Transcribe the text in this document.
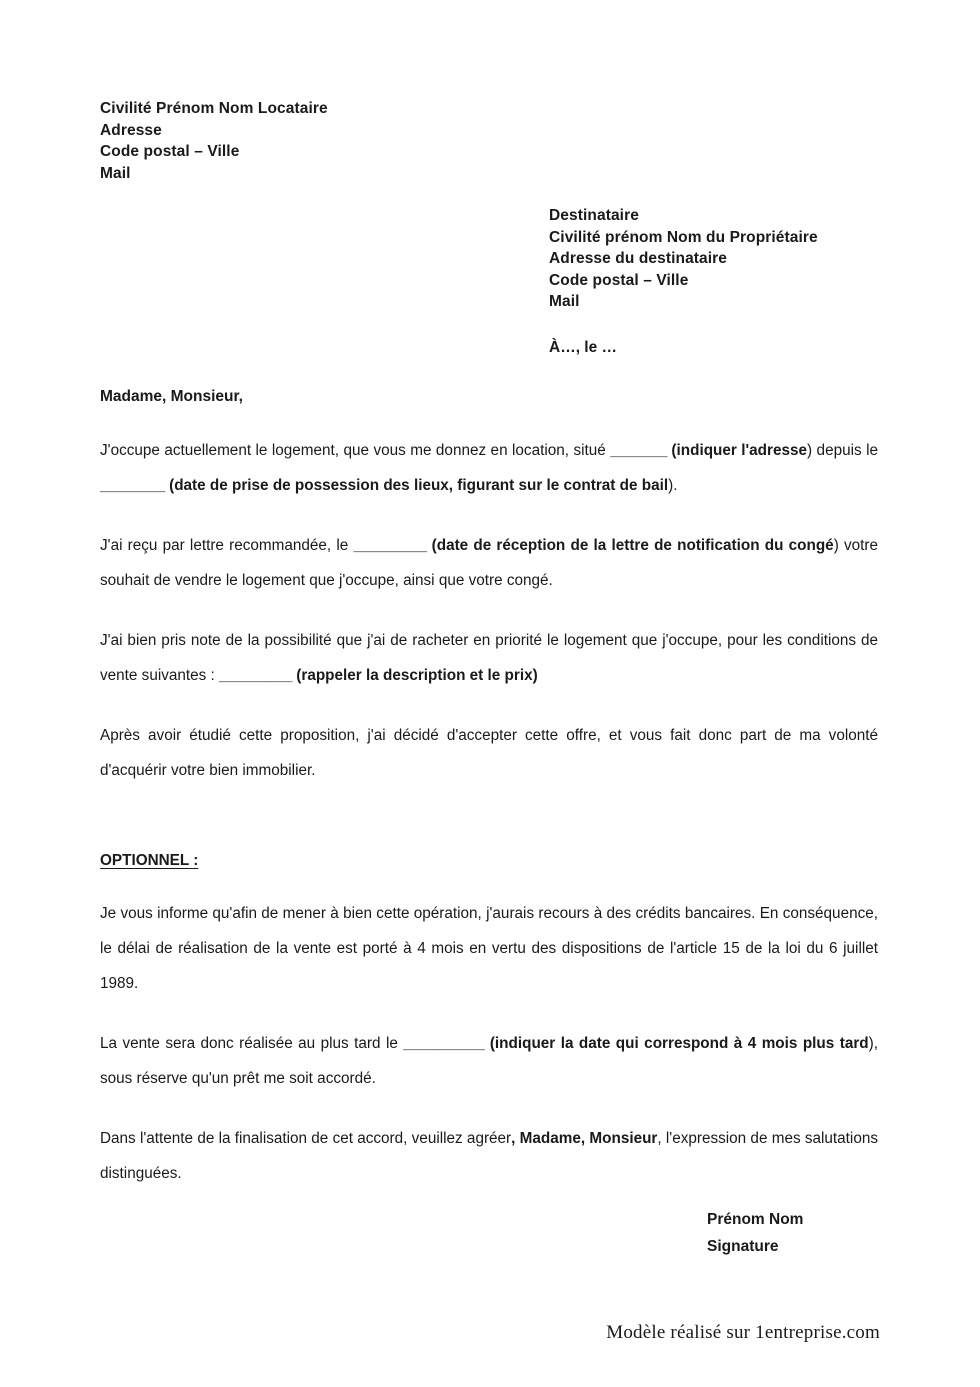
Civilité Prénom Nom Locataire
Adresse
Code postal – Ville
Mail
Destinataire
Civilité prénom Nom du Propriétaire
Adresse du destinataire
Code postal – Ville
Mail
À…, le …
Madame, Monsieur,

J'occupe actuellement le logement, que vous me donnez en location, situé _______ (indiquer l'adresse) depuis le ________ (date de prise de possession des lieux, figurant sur le contrat de bail).

J'ai reçu par lettre recommandée, le _________ (date de réception de la lettre de notification du congé) votre souhait de vendre le logement que j'occupe, ainsi que votre congé.

J'ai bien pris note de la possibilité que j'ai de racheter en priorité le logement que j'occupe, pour les conditions de vente suivantes : _________ (rappeler la description et le prix)

Après avoir étudié cette proposition, j'ai décidé d'accepter cette offre, et vous fait donc part de ma volonté d'acquérir votre bien immobilier.

OPTIONNEL :

Je vous informe qu'afin de mener à bien cette opération, j'aurais recours à des crédits bancaires. En conséquence, le délai de réalisation de la vente est porté à 4 mois en vertu des dispositions de l'article 15 de la loi du 6 juillet 1989.

La vente sera donc réalisée au plus tard le __________ (indiquer la date qui correspond à 4 mois plus tard), sous réserve qu'un prêt me soit accordé.

Dans l'attente de la finalisation de cet accord, veuillez agréer, Madame, Monsieur, l'expression de mes salutations distinguées.

Prénom Nom
Signature
Modèle réalisé sur 1entreprise.com
